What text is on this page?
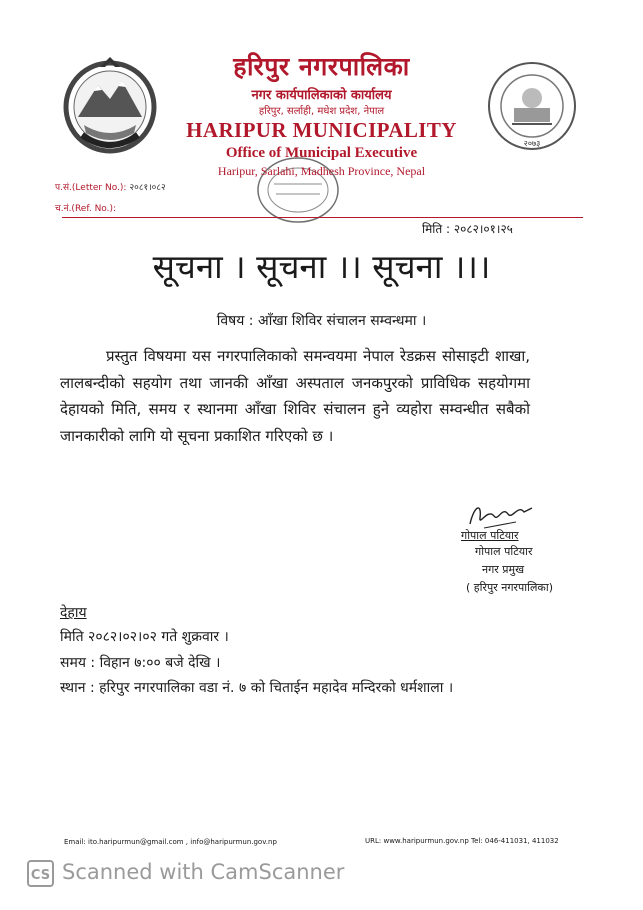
२०७३
हरिपुर नगरपालिका
नगर कार्यपालिकाको कार्यालय
हरिपुर, सर्लाही, मधेश प्रदेश, नेपाल
HARIPUR MUNICIPALITY
Office of Municipal Executive
Haripur, Sarlahi, Madhesh Province, Nepal
प.सं.(Letter No.): २०८१।०८२
च.नं.(Ref. No.):
मिति : २०८२।०१।२५
सूचना । सूचना ।। सूचना ।।।
विषय : आँखा शिविर संचालन सम्वन्धमा ।
प्रस्तुत विषयमा यस नगरपालिकाको समन्वयमा नेपाल रेडक्रस सोसाइटी शाखा, लालबन्दीको सहयोग तथा जानकी आँखा अस्पताल जनकपुरको प्राविधिक सहयोगमा देहायको मिति, समय र स्थानमा आँखा शिविर संचालन हुने व्यहोरा सम्वन्धीत सबैको जानकारीको लागि यो सूचना प्रकाशित गरिएको छ ।
गोपाल पटियार
गोपाल पटियार
नगर प्रमुख
( हरिपुर नगरपालिका)
देहाय
मिति २०८२।०२।०२ गते शुक्रवार ।
समय : विहान ७:०० बजे देखि ।
स्थान : हरिपुर नगरपालिका वडा नं. ७ को चिताईन महादेव मन्दिरको धर्मशाला ।
Email: ito.haripurmun@gmail.com , info@haripurmun.gov.np	URL: www.haripurmun.gov.np Tel: 046-411031, 411032
CS Scanned with CamScanner
